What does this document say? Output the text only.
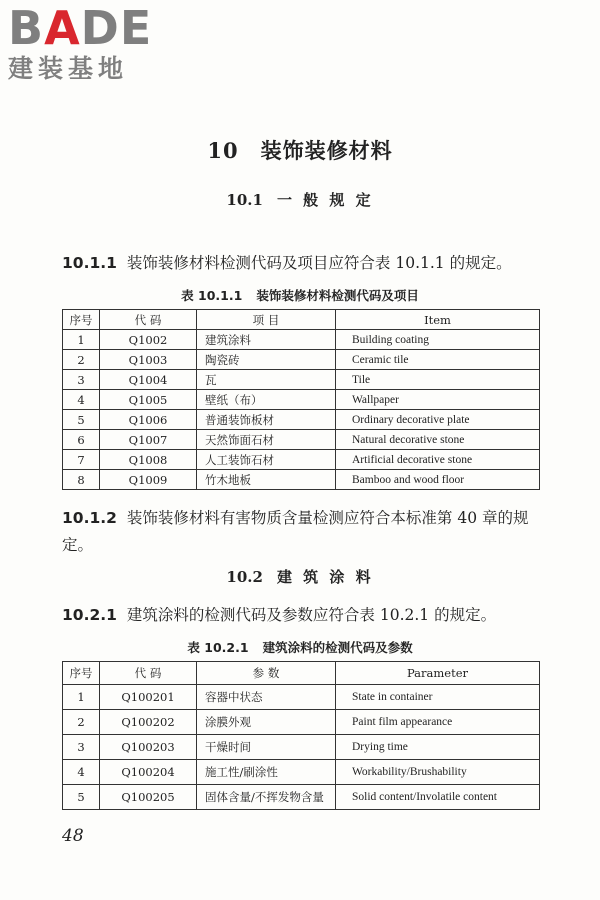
BADE
建装基地
10 装饰装修材料
10.1 一 般 规 定
10.1.1 装饰装修材料检测代码及项目应符合表 10.1.1 的规定。
表 10.1.1 装饰装修材料检测代码及项目
序号	代 码	项 目	Item
1	Q1002	建筑涂料	Building coating
2	Q1003	陶瓷砖	Ceramic tile
3	Q1004	瓦	Tile
4	Q1005	壁纸（布）	Wallpaper
5	Q1006	普通装饰板材	Ordinary decorative plate
6	Q1007	天然饰面石材	Natural decorative stone
7	Q1008	人工装饰石材	Artificial decorative stone
8	Q1009	竹木地板	Bamboo and wood floor
10.1.2 装饰装修材料有害物质含量检测应符合本标准第 40 章的规定。
10.2 建 筑 涂 料
10.2.1 建筑涂料的检测代码及参数应符合表 10.2.1 的规定。
表 10.2.1 建筑涂料的检测代码及参数
序号	代 码	参 数	Parameter
1	Q100201	容器中状态	State in container
2	Q100202	涂膜外观	Paint film appearance
3	Q100203	干燥时间	Drying time
4	Q100204	施工性/刷涂性	Workability/Brushability
5	Q100205	固体含量/不挥发物含量	Solid content/Involatile content
48
